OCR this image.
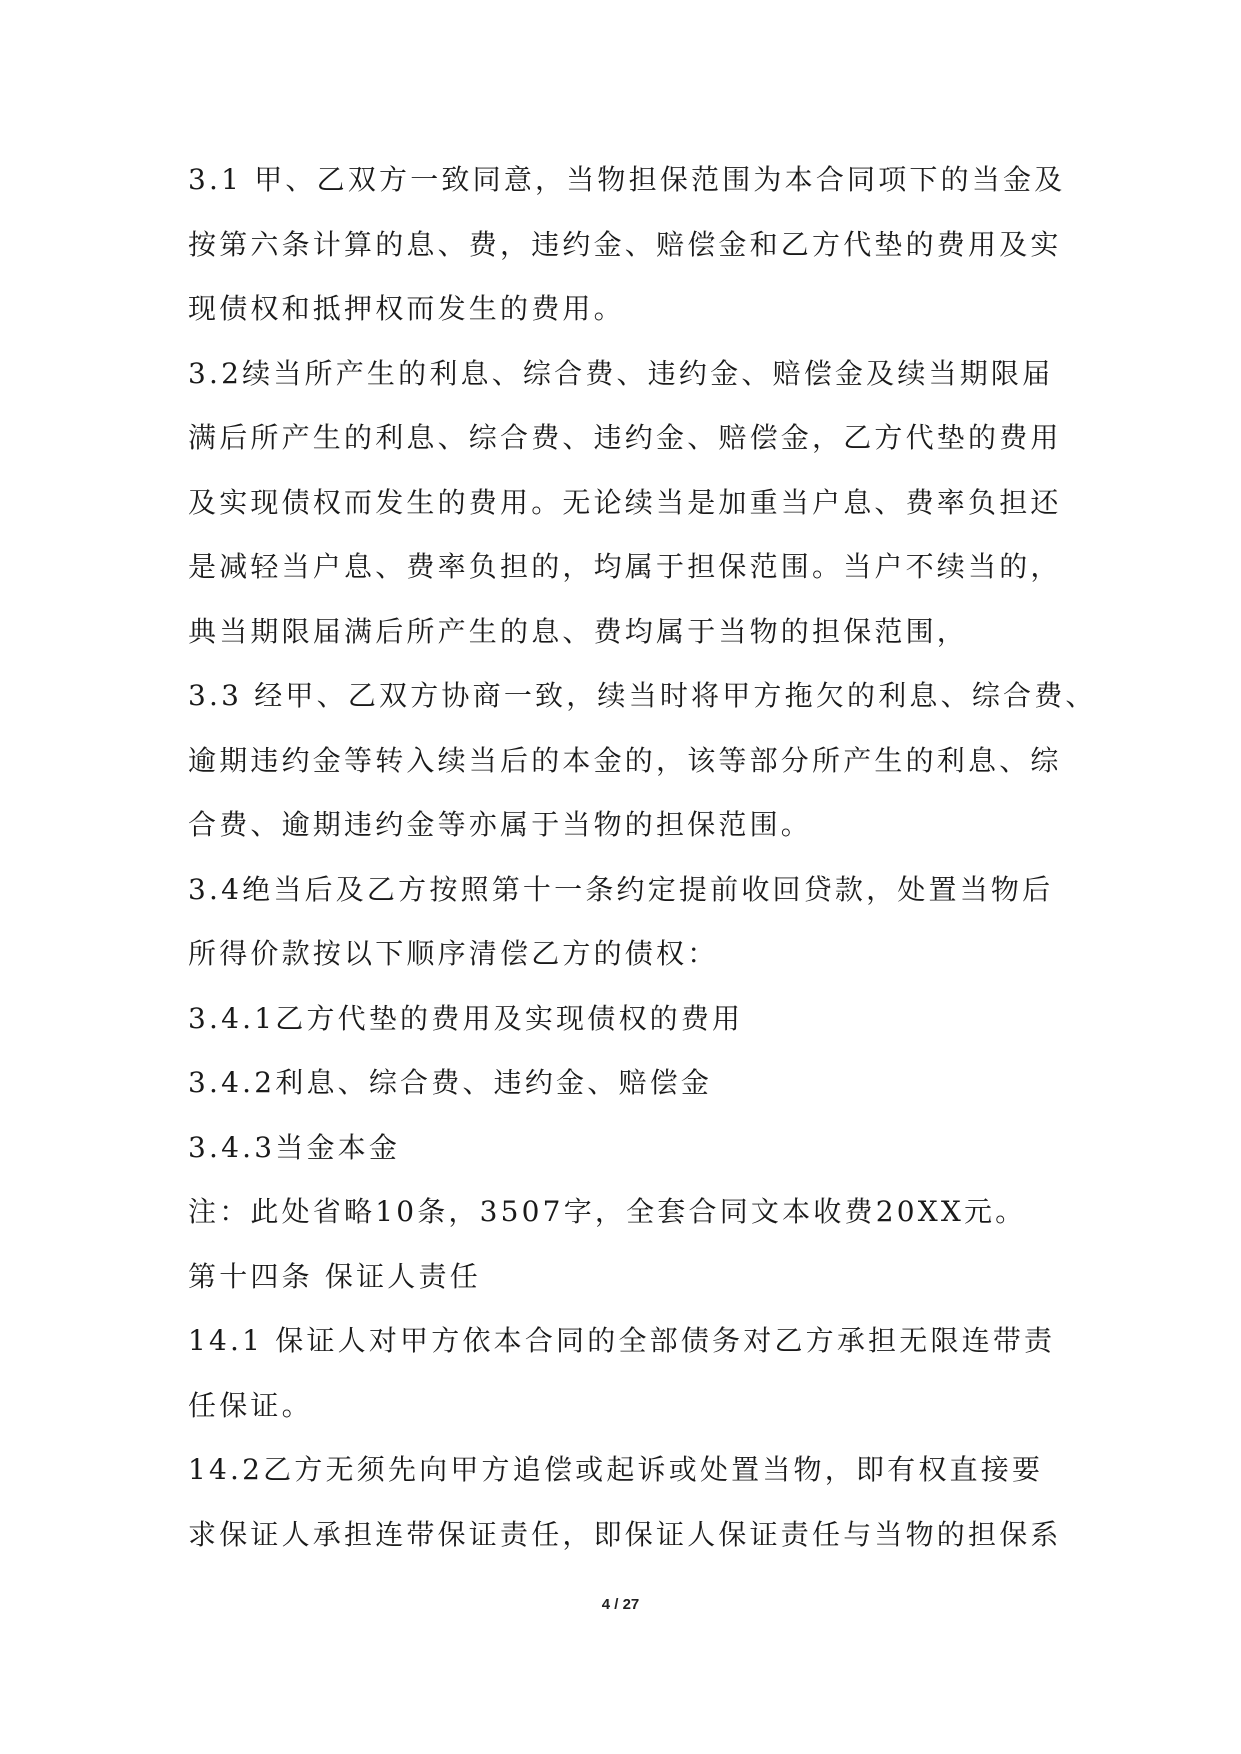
3.1 甲、乙双方一致同意，当物担保范围为本合同项下的当金及
按第六条计算的息、费，违约金、赔偿金和乙方代垫的费用及实
现债权和抵押权而发生的费用。
3.2续当所产生的利息、综合费、违约金、赔偿金及续当期限届
满后所产生的利息、综合费、违约金、赔偿金，乙方代垫的费用
及实现债权而发生的费用。无论续当是加重当户息、费率负担还
是减轻当户息、费率负担的，均属于担保范围。当户不续当的，
典当期限届满后所产生的息、费均属于当物的担保范围，
3.3 经甲、乙双方协商一致，续当时将甲方拖欠的利息、综合费、
逾期违约金等转入续当后的本金的，该等部分所产生的利息、综
合费、逾期违约金等亦属于当物的担保范围。
3.4绝当后及乙方按照第十一条约定提前收回贷款，处置当物后
所得价款按以下顺序清偿乙方的债权：
3.4.1乙方代垫的费用及实现债权的费用
3.4.2利息、综合费、违约金、赔偿金
3.4.3当金本金
注：此处省略10条，3507字，全套合同文本收费20XX元。
第十四条 保证人责任
14.1 保证人对甲方依本合同的全部债务对乙方承担无限连带责
任保证。
14.2乙方无须先向甲方追偿或起诉或处置当物，即有权直接要
求保证人承担连带保证责任，即保证人保证责任与当物的担保系
4 / 27
